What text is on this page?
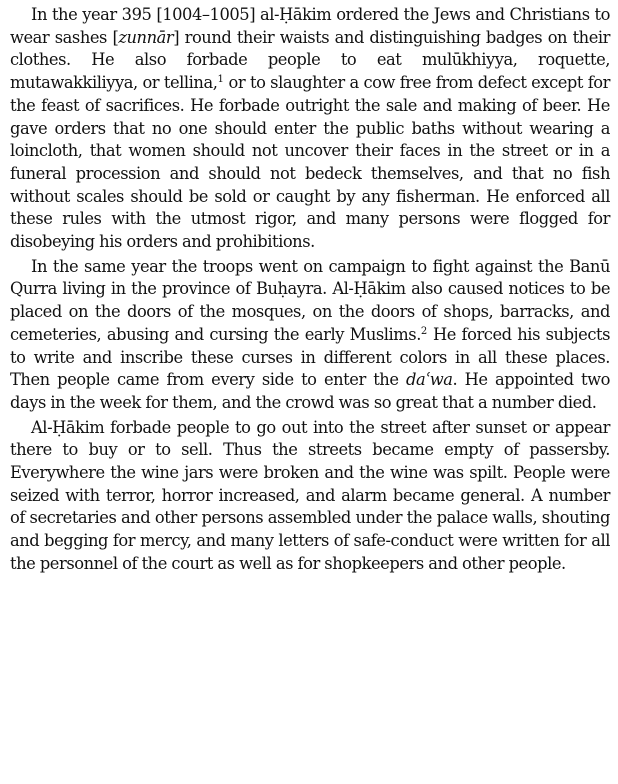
In the year 395 [1004–1005] al-Ḥākim ordered the Jews and Christians to wear sashes [zunnār] round their waists and distinguishing badges on their clothes. He also forbade people to eat mulūkhiyya, roquette, mutawakkiliyya, or tellina,$^1$ or to slaughter a cow free from defect except for the feast of sacrifices. He forbade outright the sale and making of beer. He gave orders that no one should enter the public baths without wearing a loincloth, that women should not uncover their faces in the street or in a funeral procession and should not bedeck themselves, and that no fish without scales should be sold or caught by any fisherman. He enforced all these rules with the utmost rigor, and many persons were flogged for disobeying his orders and prohibitions.

In the same year the troops went on campaign to fight against the Banū Qurra living in the province of Buḥayra. Al-Ḥākim also caused notices to be placed on the doors of the mosques, on the doors of shops, barracks, and cemeteries, abusing and cursing the early Muslims.$^2$ He forced his subjects to write and inscribe these curses in different colors in all these places. Then people came from every side to enter the daʿwa. He appointed two days in the week for them, and the crowd was so great that a number died.

Al-Ḥākim forbade people to go out into the street after sunset or appear there to buy or to sell. Thus the streets became empty of passersby. Everywhere the wine jars were broken and the wine was spilt. People were seized with terror, horror increased, and alarm became general. A number of secretaries and other persons assembled under the palace walls, shouting and begging for mercy, and many letters of safe-conduct were written for all the personnel of the court as well as for shopkeepers and other people.
